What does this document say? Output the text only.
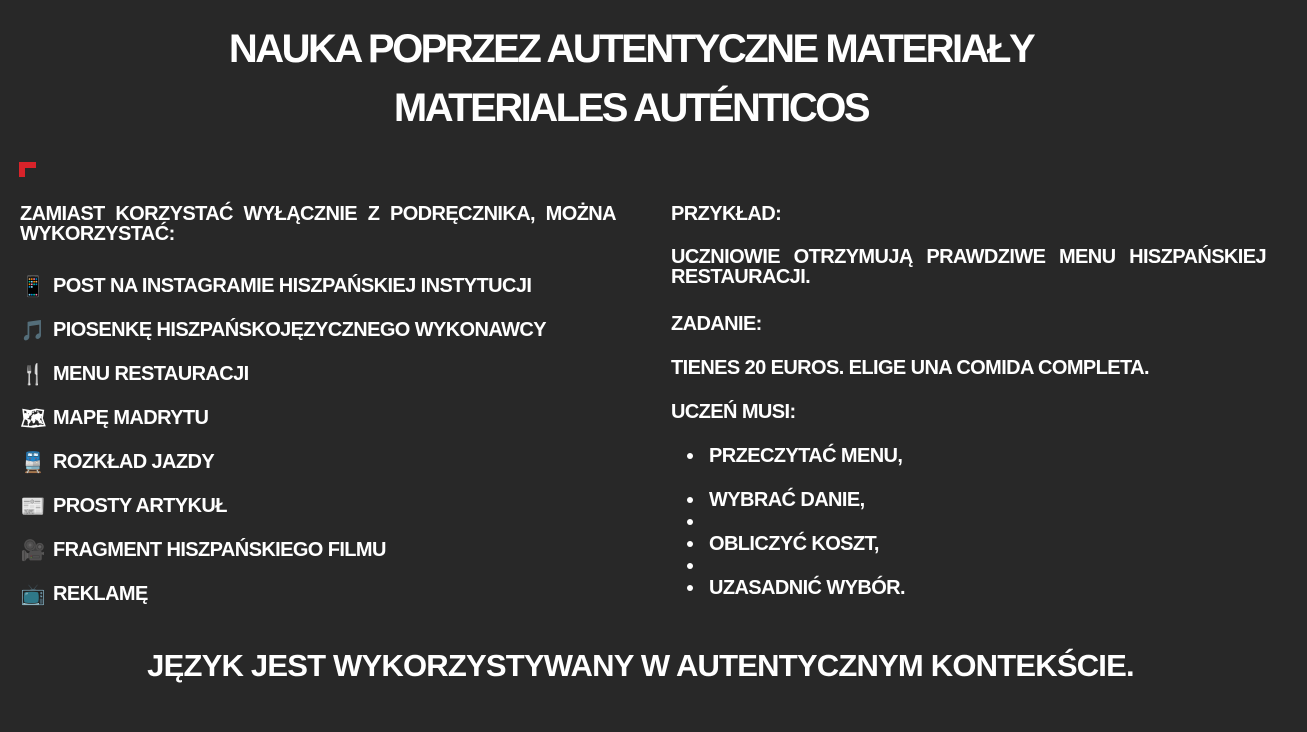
NAUKA POPRZEZ AUTENTYCZNE MATERIAŁY
MATERIALES AUTÉNTICOS

ZAMIAST KORZYSTAĆ WYŁĄCZNIE Z PODRĘCZNIKA, MOŻNA WYKORZYSTAĆ:

📱 POST NA INSTAGRAMIE HISZPAŃSKIEJ INSTYTUCJI
🎵 PIOSENKĘ HISZPAŃSKOJĘZYCZNEGO WYKONAWCY
🍴 MENU RESTAURACJI
🗺 MAPĘ MADRYTU
🚆 ROZKŁAD JAZDY
📰 PROSTY ARTYKUŁ
🎥 FRAGMENT HISZPAŃSKIEGO FILMU
📺 REKLAMĘ

PRZYKŁAD:

UCZNIOWIE OTRZYMUJĄ PRAWDZIWE MENU HISZPAŃSKIEJ RESTAURACJI.

ZADANIE:

TIENES 20 EUROS. ELIGE UNA COMIDA COMPLETA.

UCZEŃ MUSI:

PRZECZYTAĆ MENU,
WYBRAĆ DANIE,
OBLICZYĆ KOSZT,
UZASADNIĆ WYBÓR.

JĘZYK JEST WYKORZYSTYWANY W AUTENTYCZNYM KONTEKŚCIE.
